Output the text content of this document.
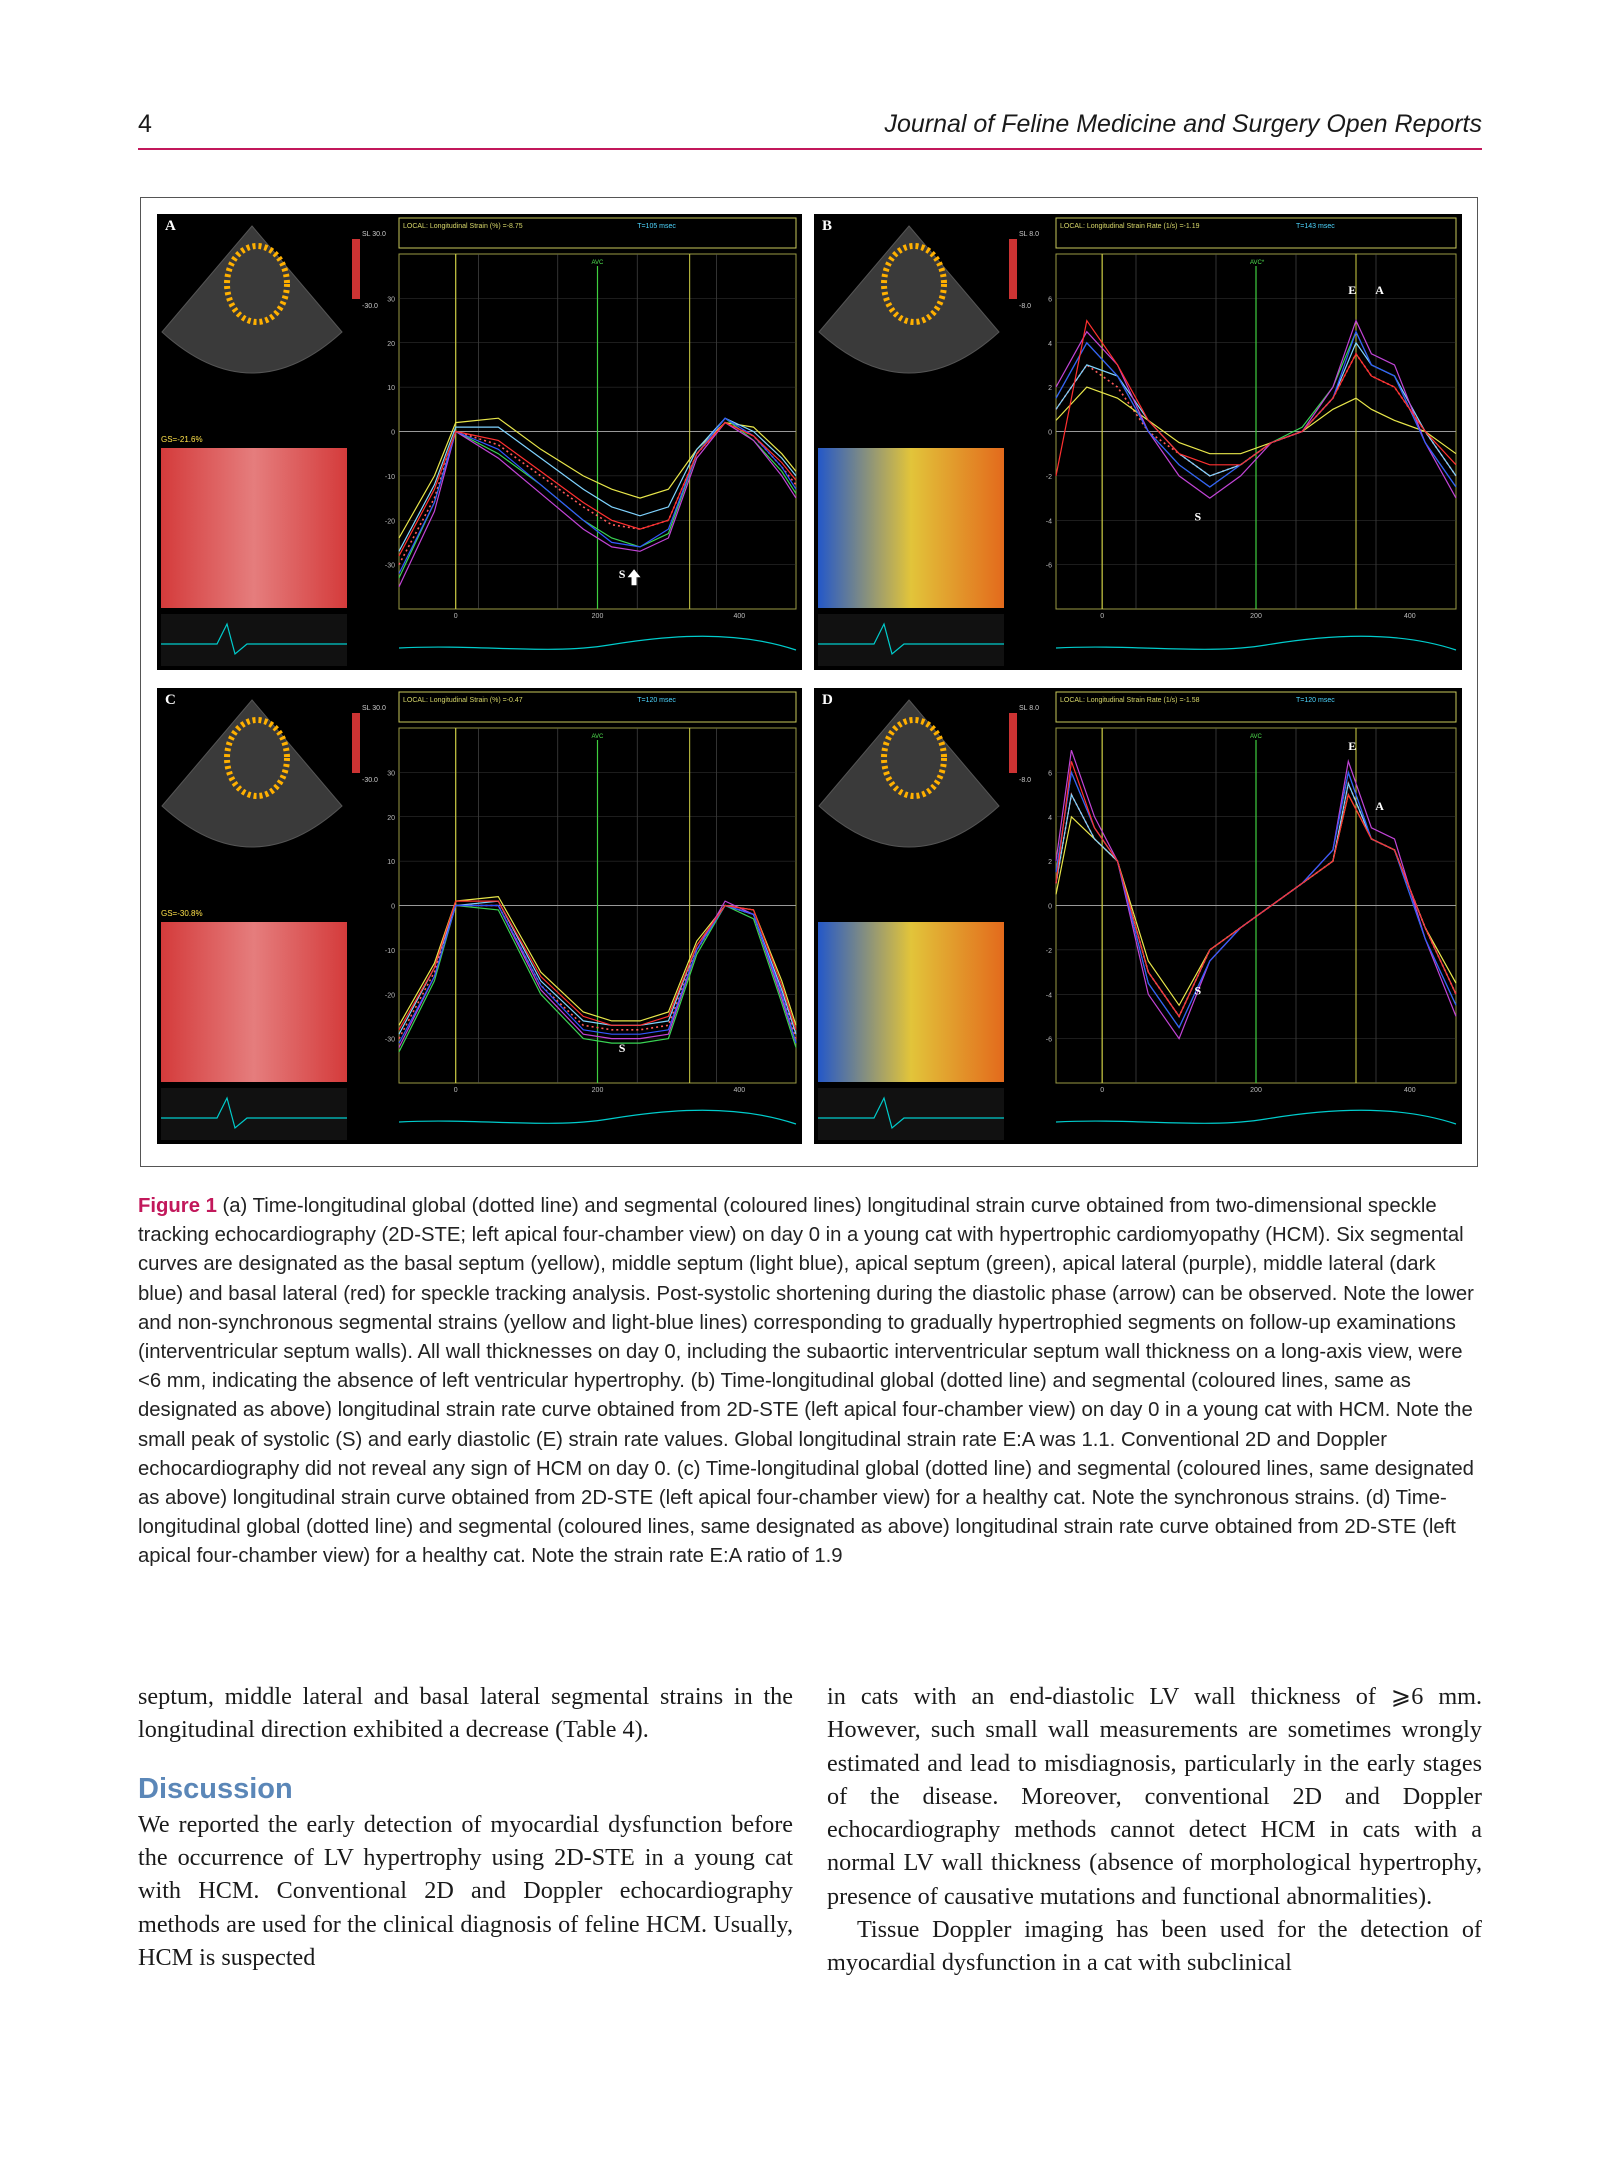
4	Journal of Feline Medicine and Surgery Open Reports
A
SL 30.0
-30.0
GS=-21.6%
LOCAL: Longitudinal Strain (%) =-8.75	T=105 msec
30
20
10
0
-10
-20
-30
0	200	400
AVC
S
B
SL 8.0
-8.0
LOCAL: Longitudinal Strain Rate (1/s) =-1.19	T=143 msec
6
4
2
0
-2
-4
-6
0	200	400
AVC*
E A
S
C
SL 30.0
-30.0
GS=-30.8%
LOCAL: Longitudinal Strain (%) =-0.47	T=120 msec
30
20
10
0
-10
-20
-30
0	200	400
AVC
S
D
SL 8.0
-8.0
LOCAL: Longitudinal Strain Rate (1/s) =-1.58	T=120 msec
6
4
2
0
-2
-4
-6
0	200	400
AVC
E
A
S
Figure 1 (a) Time-longitudinal global (dotted line) and segmental (coloured lines) longitudinal strain curve obtained from two-dimensional speckle tracking echocardiography (2D-STE; left apical four-chamber view) on day 0 in a young cat with hypertrophic cardiomyopathy (HCM). Six segmental curves are designated as the basal septum (yellow), middle septum (light blue), apical septum (green), apical lateral (purple), middle lateral (dark blue) and basal lateral (red) for speckle tracking analysis. Post-systolic shortening during the diastolic phase (arrow) can be observed. Note the lower and non-synchronous segmental strains (yellow and light-blue lines) corresponding to gradually hypertrophied segments on follow-up examinations (interventricular septum walls). All wall thicknesses on day 0, including the subaortic interventricular septum wall thickness on a long-axis view, were <6 mm, indicating the absence of left ventricular hypertrophy. (b) Time-longitudinal global (dotted line) and segmental (coloured lines, same as designated as above) longitudinal strain rate curve obtained from 2D-STE (left apical four-chamber view) on day 0 in a young cat with HCM. Note the small peak of systolic (S) and early diastolic (E) strain rate values. Global longitudinal strain rate E:A was 1.1. Conventional 2D and Doppler echocardiography did not reveal any sign of HCM on day 0. (c) Time-longitudinal global (dotted line) and segmental (coloured lines, same designated as above) longitudinal strain curve obtained from 2D-STE (left apical four-chamber view) for a healthy cat. Note the synchronous strains. (d) Time-longitudinal global (dotted line) and segmental (coloured lines, same designated as above) longitudinal strain rate curve obtained from 2D-STE (left apical four-chamber view) for a healthy cat. Note the strain rate E:A ratio of 1.9

septum, middle lateral and basal lateral segmental strains in the longitudinal direction exhibited a decrease (Table 4).

Discussion

We reported the early detection of myocardial dysfunction before the occurrence of LV hypertrophy using 2D-STE in a young cat with HCM. Conventional 2D and Doppler echocardiography methods are used for the clinical diagnosis of feline HCM. Usually, HCM is suspected

in cats with an end-diastolic LV wall thickness of ⩾6 mm. However, such small wall measurements are sometimes wrongly estimated and lead to misdiagnosis, particularly in the early stages of the disease. Moreover, conventional 2D and Doppler echocardiography methods cannot detect HCM in cats with a normal LV wall thickness (absence of morphological hypertrophy, presence of causative mutations and functional abnormalities).

Tissue Doppler imaging has been used for the detection of myocardial dysfunction in a cat with subclinical
